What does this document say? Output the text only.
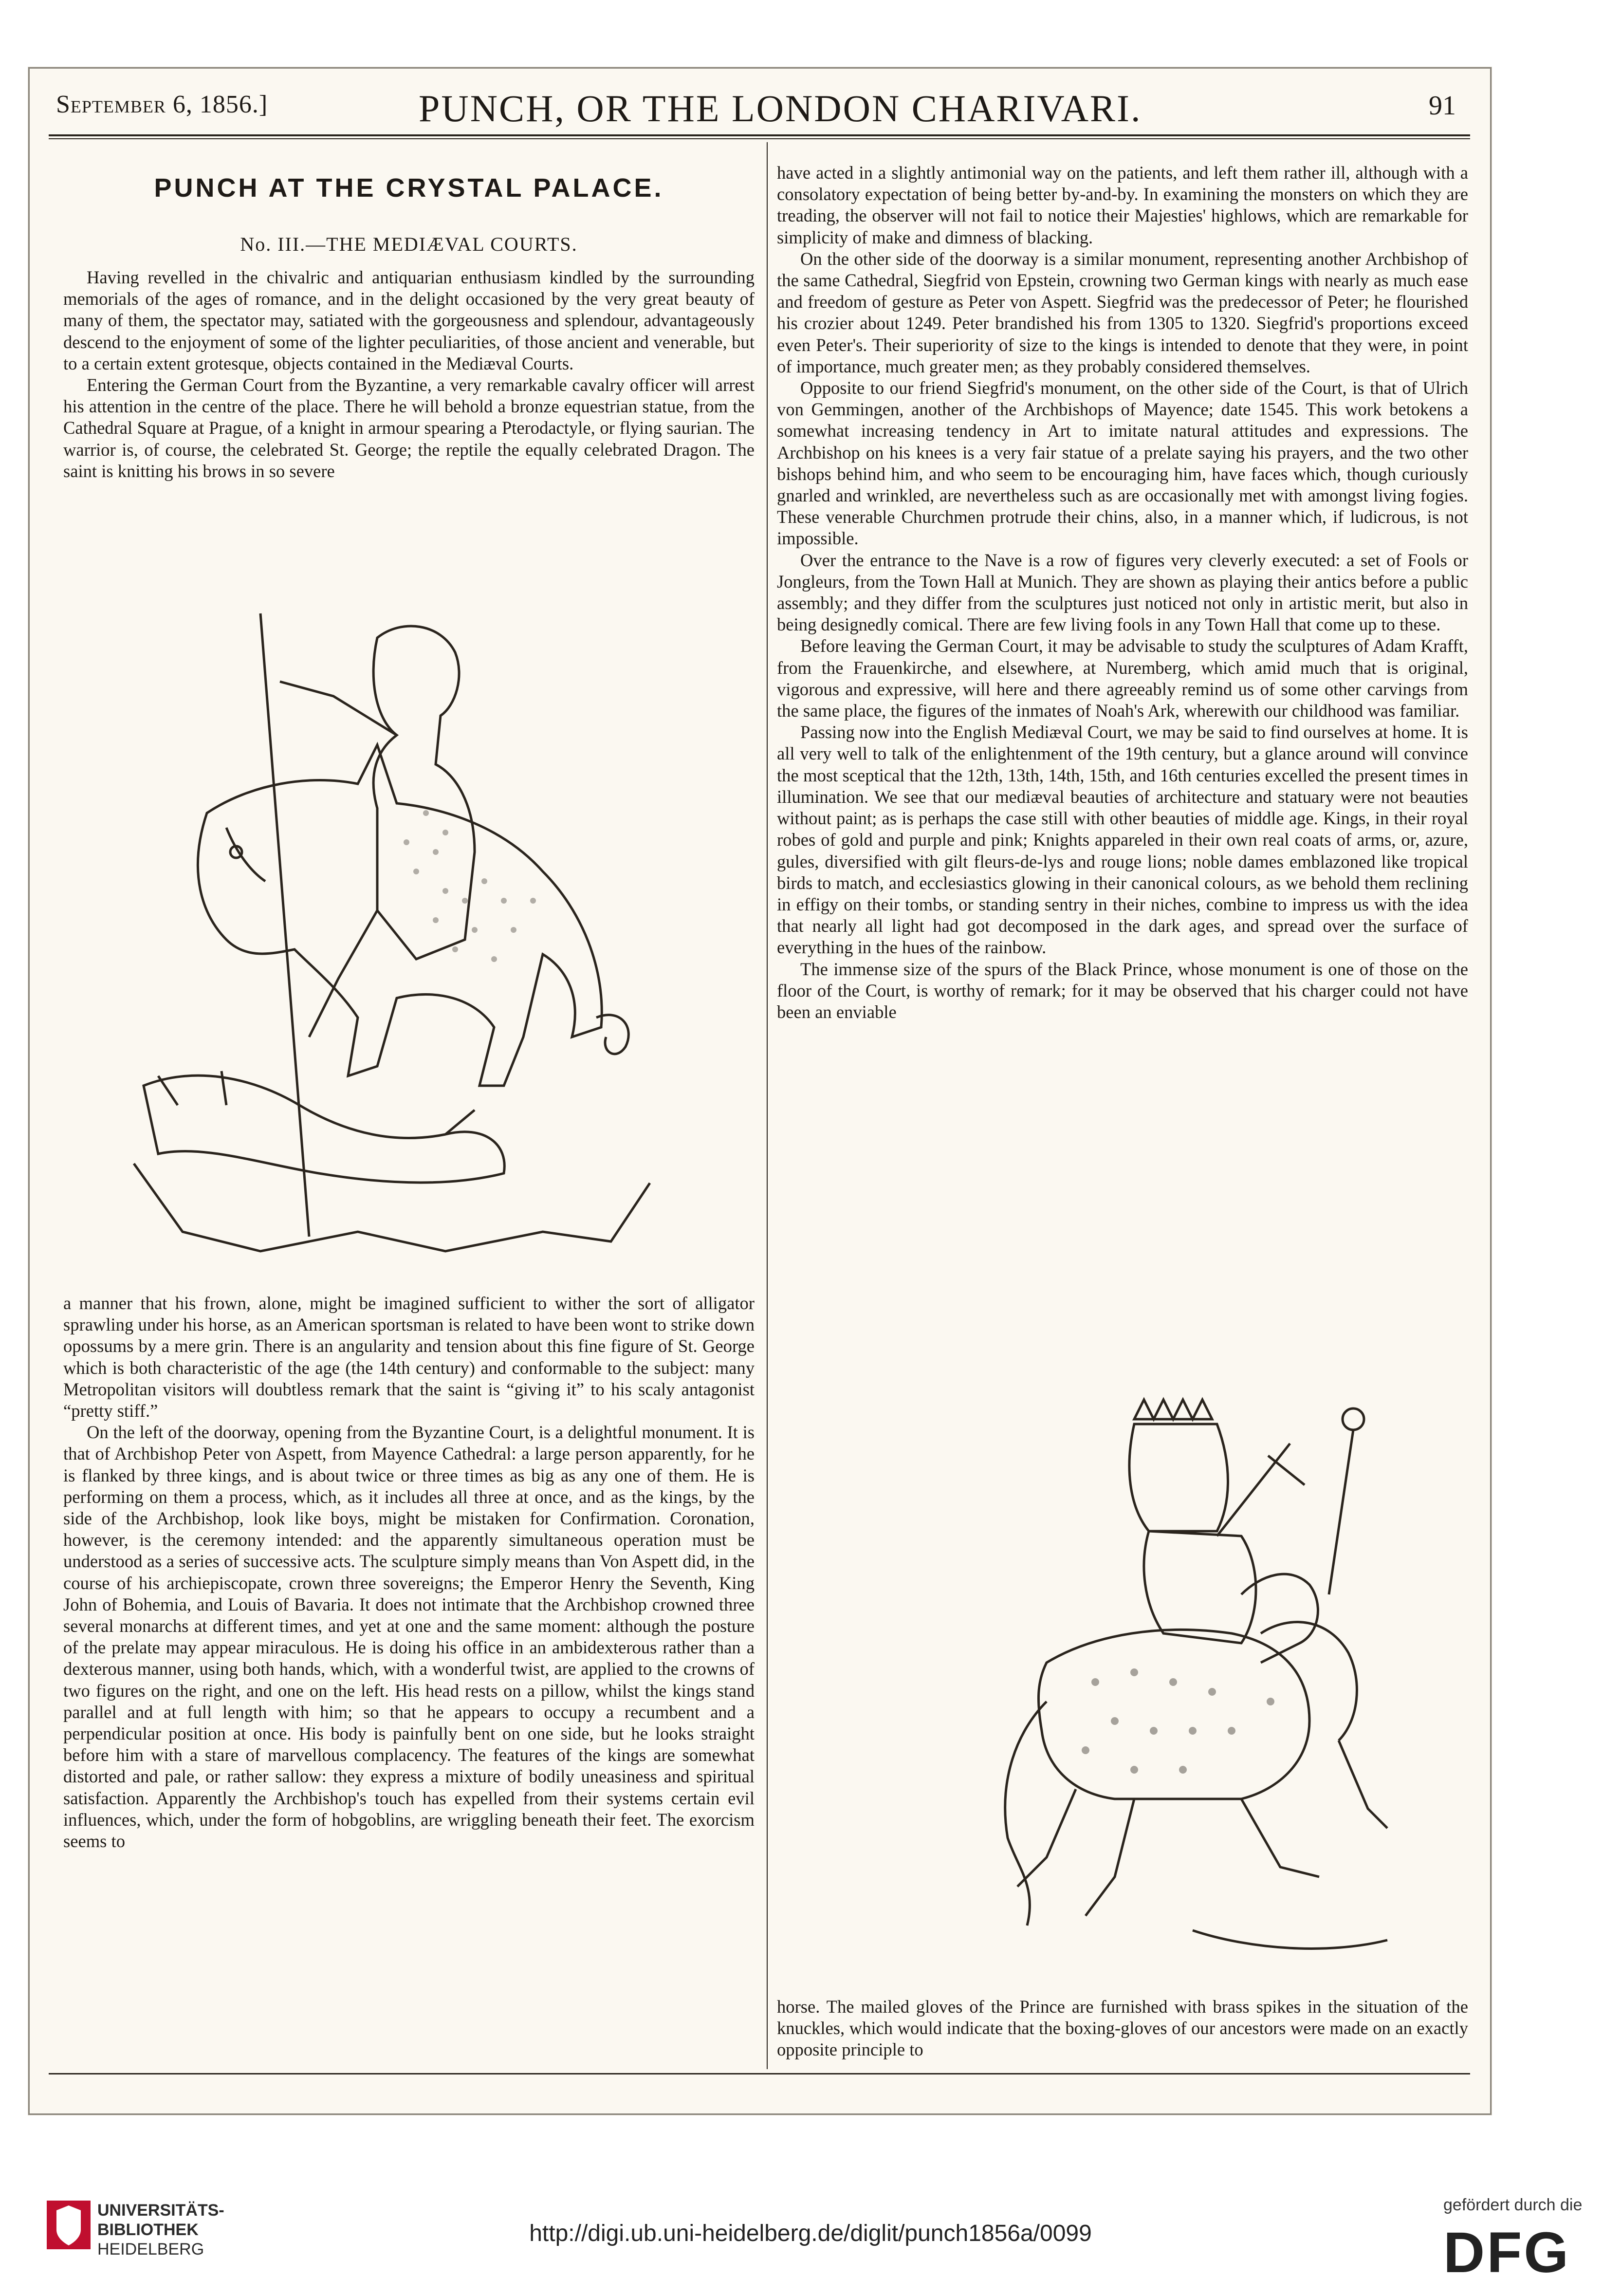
September 6, 1856.]	PUNCH, OR THE LONDON CHARIVARI.	91
PUNCH AT THE CRYSTAL PALACE.
No. III.—THE MEDIÆVAL COURTS.

Having revelled in the chivalric and antiquarian enthusiasm kindled by the surrounding memorials of the ages of romance, and in the delight occasioned by the very great beauty of many of them, the spectator may, satiated with the gorgeousness and splendour, advantageously descend to the enjoyment of some of the lighter peculiarities, of those ancient and venerable, but to a certain extent grotesque, objects contained in the Mediæval Courts.

Entering the German Court from the Byzantine, a very remarkable cavalry officer will arrest his attention in the centre of the place. There he will behold a bronze equestrian statue, from the Cathedral Square at Prague, of a knight in armour spearing a Pterodactyle, or flying saurian. The warrior is, of course, the celebrated St. George; the reptile the equally celebrated Dragon. The saint is knitting his brows in so severe

a manner that his frown, alone, might be imagined sufficient to wither the sort of alligator sprawling under his horse, as an American sportsman is related to have been wont to strike down opossums by a mere grin. There is an angularity and tension about this fine figure of St. George which is both characteristic of the age (the 14th century) and conformable to the subject: many Metropolitan visitors will doubtless remark that the saint is “giving it” to his scaly antagonist “pretty stiff.”

On the left of the doorway, opening from the Byzantine Court, is a delightful monument. It is that of Archbishop Peter von Aspett, from Mayence Cathedral: a large person apparently, for he is flanked by three kings, and is about twice or three times as big as any one of them. He is performing on them a process, which, as it includes all three at once, and as the kings, by the side of the Archbishop, look like boys, might be mistaken for Confirmation. Coronation, however, is the ceremony intended: and the apparently simultaneous operation must be understood as a series of successive acts. The sculpture simply means than Von Aspett did, in the course of his archiepiscopate, crown three sovereigns; the Emperor Henry the Seventh, King John of Bohemia, and Louis of Bavaria. It does not intimate that the Archbishop crowned three several monarchs at different times, and yet at one and the same moment: although the posture of the prelate may appear miraculous. He is doing his office in an ambidexterous rather than a dexterous manner, using both hands, which, with a wonderful twist, are applied to the crowns of two figures on the right, and one on the left. His head rests on a pillow, whilst the kings stand parallel and at full length with him; so that he appears to occupy a recumbent and a perpendicular position at once. His body is painfully bent on one side, but he looks straight before him with a stare of marvellous complacency. The features of the kings are somewhat distorted and pale, or rather sallow: they express a mixture of bodily uneasiness and spiritual satisfaction. Apparently the Archbishop's touch has expelled from their systems certain evil influences, which, under the form of hobgoblins, are wriggling beneath their feet. The exorcism seems to

have acted in a slightly antimonial way on the patients, and left them rather ill, although with a consolatory expectation of being better by-and-by. In examining the monsters on which they are treading, the observer will not fail to notice their Majesties' highlows, which are remarkable for simplicity of make and dimness of blacking.

On the other side of the doorway is a similar monument, representing another Archbishop of the same Cathedral, Siegfrid von Epstein, crowning two German kings with nearly as much ease and freedom of gesture as Peter von Aspett. Siegfrid was the predecessor of Peter; he flourished his crozier about 1249. Peter brandished his from 1305 to 1320. Siegfrid's proportions exceed even Peter's. Their superiority of size to the kings is intended to denote that they were, in point of importance, much greater men; as they probably considered themselves.

Opposite to our friend Siegfrid's monument, on the other side of the Court, is that of Ulrich von Gemmingen, another of the Archbishops of Mayence; date 1545. This work betokens a somewhat increasing tendency in Art to imitate natural attitudes and expressions. The Archbishop on his knees is a very fair statue of a prelate saying his prayers, and the two other bishops behind him, and who seem to be encouraging him, have faces which, though curiously gnarled and wrinkled, are nevertheless such as are occasionally met with amongst living fogies. These venerable Churchmen protrude their chins, also, in a manner which, if ludicrous, is not impossible.

Over the entrance to the Nave is a row of figures very cleverly executed: a set of Fools or Jongleurs, from the Town Hall at Munich. They are shown as playing their antics before a public assembly; and they differ from the sculptures just noticed not only in artistic merit, but also in being designedly comical. There are few living fools in any Town Hall that come up to these.

Before leaving the German Court, it may be advisable to study the sculptures of Adam Krafft, from the Frauenkirche, and elsewhere, at Nuremberg, which amid much that is original, vigorous and expressive, will here and there agreeably remind us of some other carvings from the same place, the figures of the inmates of Noah's Ark, wherewith our childhood was familiar.

Passing now into the English Mediæval Court, we may be said to find ourselves at home. It is all very well to talk of the enlightenment of the 19th century, but a glance around will convince the most sceptical that the 12th, 13th, 14th, 15th, and 16th centuries excelled the present times in illumination. We see that our mediæval beauties of architecture and statuary were not beauties without paint; as is perhaps the case still with other beauties of middle age. Kings, in their royal robes of gold and purple and pink; Knights appareled in their own real coats of arms, or, azure, gules, diversified with gilt fleurs-de-lys and rouge lions; noble dames emblazoned like tropical birds to match, and ecclesiastics glowing in their canonical colours, as we behold them reclining in effigy on their tombs, or standing sentry in their niches, combine to impress us with the idea that nearly all light had got decomposed in the dark ages, and spread over the surface of everything in the hues of the rainbow.

The immense size of the spurs of the Black Prince, whose monument is one of those on the floor of the Court, is worthy of remark; for it may be observed that his charger could not have been an enviable

horse. The mailed gloves of the Prince are furnished with brass spikes in the situation of the knuckles, which would indicate that the boxing-gloves of our ancestors were made on an exactly opposite principle to

UNIVERSITÄTS-
BIBLIOTHEK
HEIDELBERG
http://digi.ub.uni-heidelberg.de/diglit/punch1856a/0099
gefördert durch die
DFG
